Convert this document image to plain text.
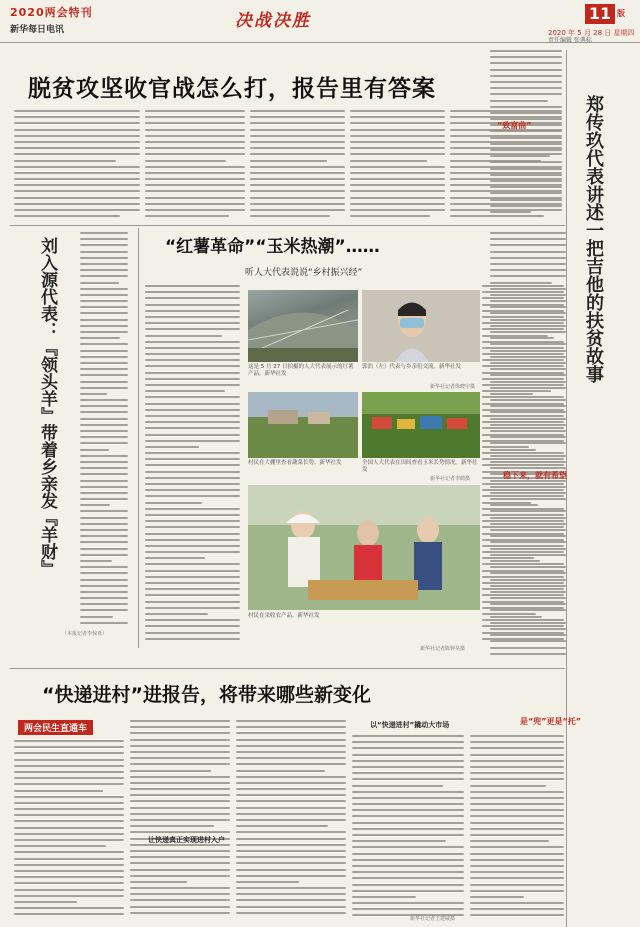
2020两会特刊
新华每日电讯	决战决胜	11 版
2020 年 5 月 28 日 星期四
责任编辑 张典标
脱贫攻坚收官战怎么打，报告里有答案
刘入源代表：『领头羊』带着乡亲发『羊财』
（本报记者李惊亚）
“红薯革命”“玉米热潮”……
听人大代表说说“乡村振兴经”
这是 5 月 27 日拍摄的人大代表展示的红薯产品。新华社发
郭浩（左）代表与乡亲们交流。新华社发
新华社记者徐晓宇摄
村民在大棚里查看蔬菜长势。新华社发	全国人大代表在田间查看玉米长势情况。新华社发
新华社记者李鹤摄
村民在采收农产品。新华社发
新华社记者陈钟昊摄
郑传玖代表讲述一把吉他的扶贫故事
“致富曲”
稳下来，就有希望
是“兜”更是“托”
“快递进村”进报告，将带来哪些新变化
两会民生直通车
让快递真正实现进村入户
以“快递进村”撬动大市场
新华社记者王建威摄
